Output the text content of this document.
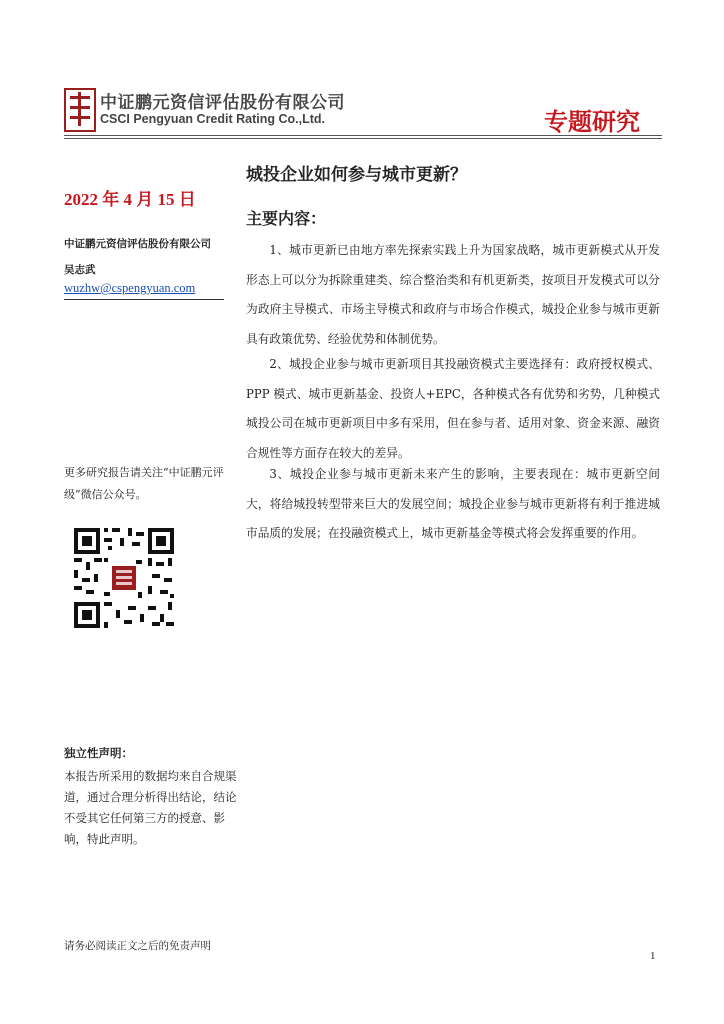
中证鹏元资信评估股份有限公司
CSCI Pengyuan Credit Rating Co.,Ltd.	专题研究
2022 年 4 月 15 日
中证鹏元资信评估股份有限公司
吴志武
wuzhw@cspengyuan.com
更多研究报告请关注“中证鹏元评级”微信公众号。
独立性声明：
本报告所采用的数据均来自合规渠道，通过合理分析得出结论，结论不受其它任何第三方的授意、影响，特此声明。
城投企业如何参与城市更新？
主要内容：
1、城市更新已由地方率先探索实践上升为国家战略，城市更新模式从开发形态上可以分为拆除重建类、综合整治类和有机更新类，按项目开发模式可以分为政府主导模式、市场主导模式和政府与市场合作模式，城投企业参与城市更新具有政策优势、经验优势和体制优势。
2、城投企业参与城市更新项目其投融资模式主要选择有：政府授权模式、PPP 模式、城市更新基金、投资人+EPC，各种模式各有优势和劣势，几种模式城投公司在城市更新项目中多有采用，但在参与者、适用对象、资金来源、融资合规性等方面存在较大的差异。
3、城投企业参与城市更新未来产生的影响，主要表现在：城市更新空间大，将给城投转型带来巨大的发展空间；城投企业参与城市更新将有利于推进城市品质的发展；在投融资模式上，城市更新基金等模式将会发挥重要的作用。
请务必阅读正文之后的免责声明
1
